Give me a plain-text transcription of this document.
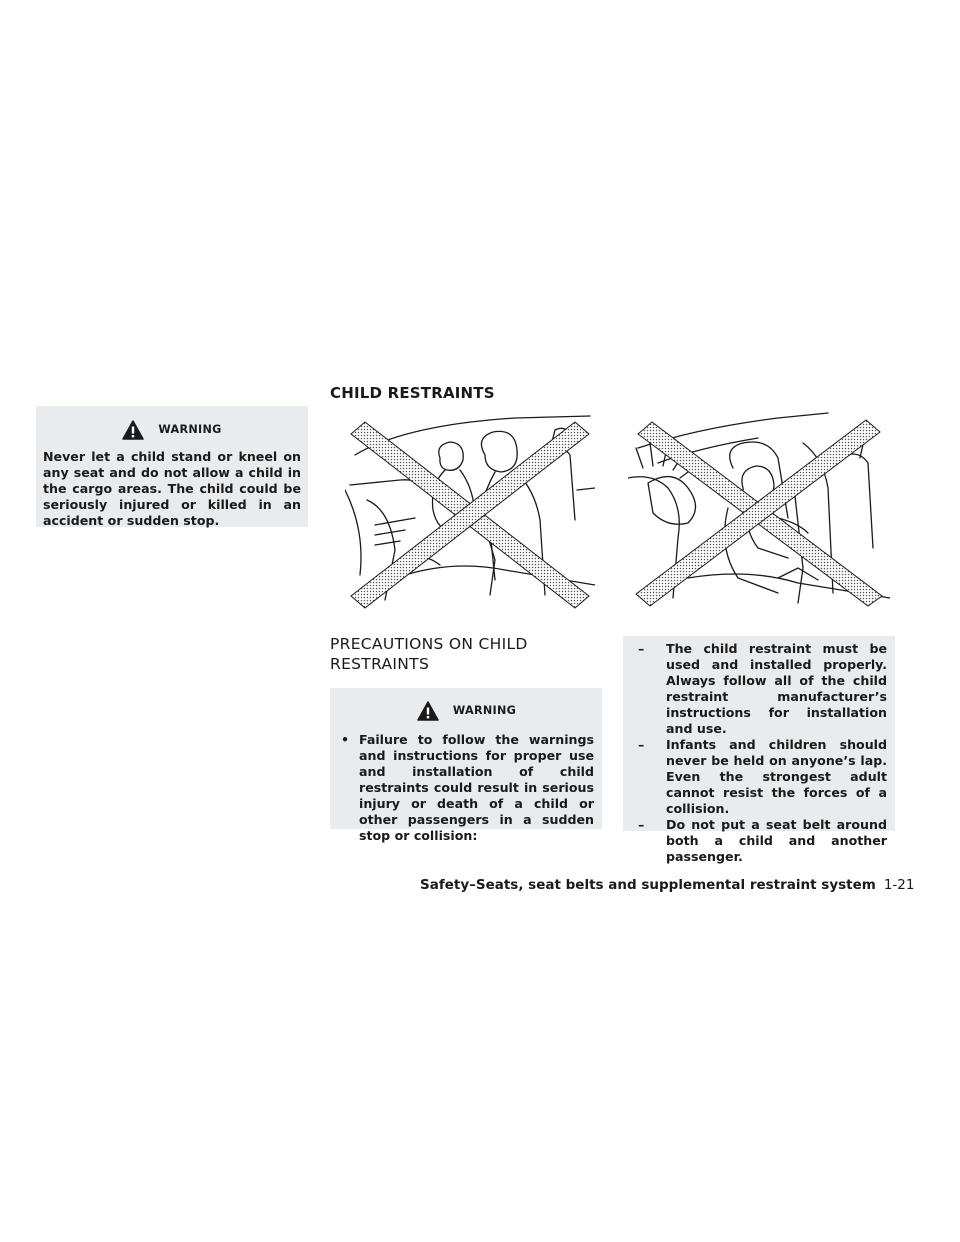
WARNING
Never let a child stand or kneel on any seat and do not allow a child in the cargo areas. The child could be seriously injured or killed in an accident or sudden stop.
CHILD RESTRAINTS
PRECAUTIONS ON CHILD RESTRAINTS
WARNING
• Failure to follow the warnings and instructions for proper use and installation of child restraints could result in serious injury or death of a child or other passengers in a sudden stop or collision:
–	The child restraint must be used and installed properly. Always follow all of the child restraint manufacturer’s instructions for installation and use.
–	Infants and children should never be held on anyone’s lap. Even the strongest adult cannot resist the forces of a collision.
–	Do not put a seat belt around both a child and another passenger.
Safety–Seats, seat belts and supplemental restraint system 1-21
